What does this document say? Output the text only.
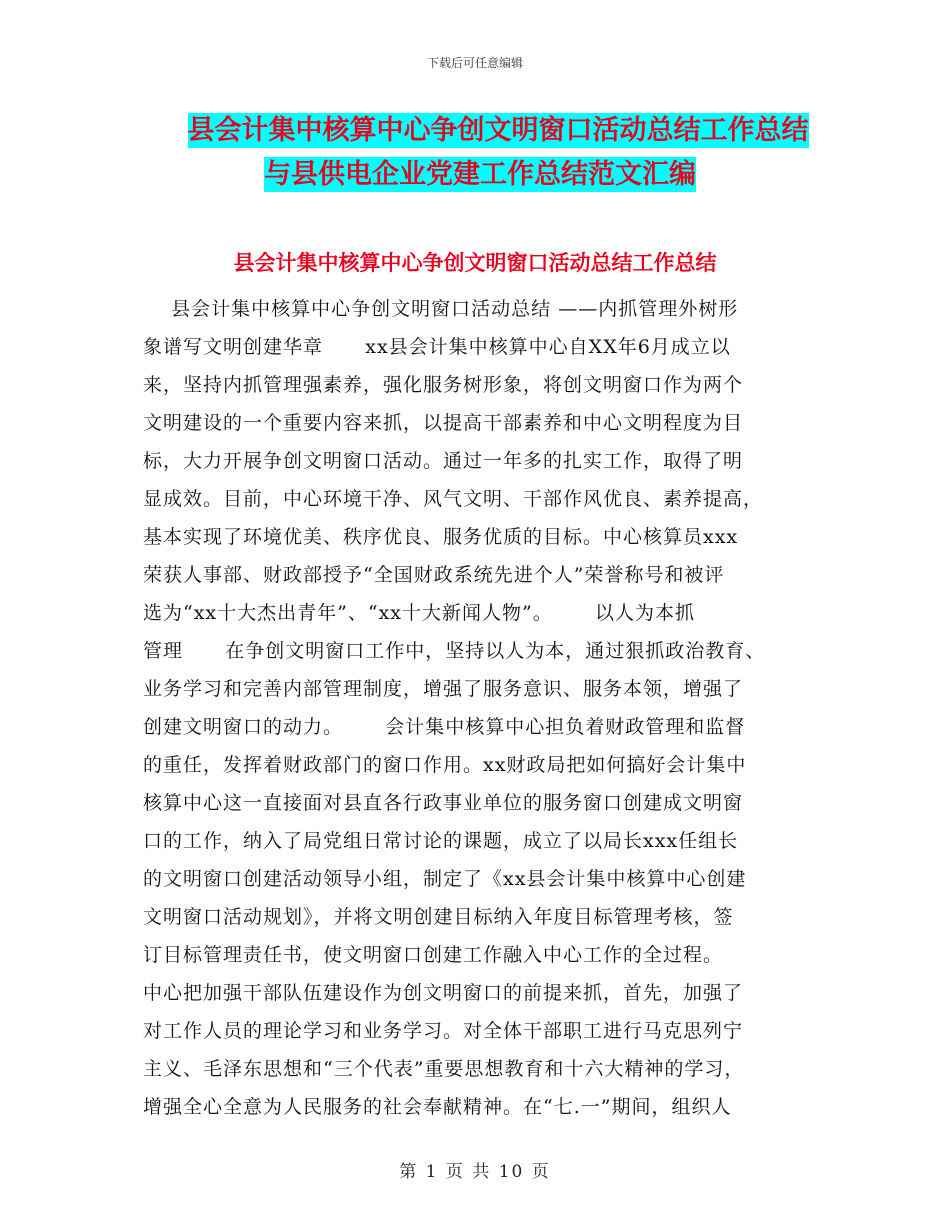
下载后可任意编辑
县会计集中核算中心争创文明窗口活动总结工作总结
与县供电企业党建工作总结范文汇编
县会计集中核算中心争创文明窗口活动总结工作总结
县会计集中核算中心争创文明窗口活动总结 ——内抓管理外树形
象谱写文明创建华章      xx县会计集中核算中心自XX年6月成立以
来，坚持内抓管理强素养，强化服务树形象，将创文明窗口作为两个
文明建设的一个重要内容来抓，以提高干部素养和中心文明程度为目
标，大力开展争创文明窗口活动。通过一年多的扎实工作，取得了明
显成效。目前，中心环境干净、风气文明、干部作风优良、素养提高，
基本实现了环境优美、秩序优良、服务优质的目标。中心核算员xxx
荣获人事部、财政部授予“全国财政系统先进个人”荣誉称号和被评
选为“xx十大杰出青年”、“xx十大新闻人物”。      以人为本抓
管理      在争创文明窗口工作中，坚持以人为本，通过狠抓政治教育、
业务学习和完善内部管理制度，增强了服务意识、服务本领，增强了
创建文明窗口的动力。      会计集中核算中心担负着财政管理和监督
的重任，发挥着财政部门的窗口作用。xx财政局把如何搞好会计集中
核算中心这一直接面对县直各行政事业单位的服务窗口创建成文明窗
口的工作，纳入了局党组日常讨论的课题，成立了以局长xxx任组长
的文明窗口创建活动领导小组，制定了《xx县会计集中核算中心创建
文明窗口活动规划》，并将文明创建目标纳入年度目标管理考核，签
订目标管理责任书，使文明窗口创建工作融入中心工作的全过程。
中心把加强干部队伍建设作为创文明窗口的前提来抓，首先，加强了
对工作人员的理论学习和业务学习。对全体干部职工进行马克思列宁
主义、毛泽东思想和“三个代表”重要思想教育和十六大精神的学习，
增强全心全意为人民服务的社会奉献精神。在“七.一”期间，组织人
第 1 页 共 10 页
